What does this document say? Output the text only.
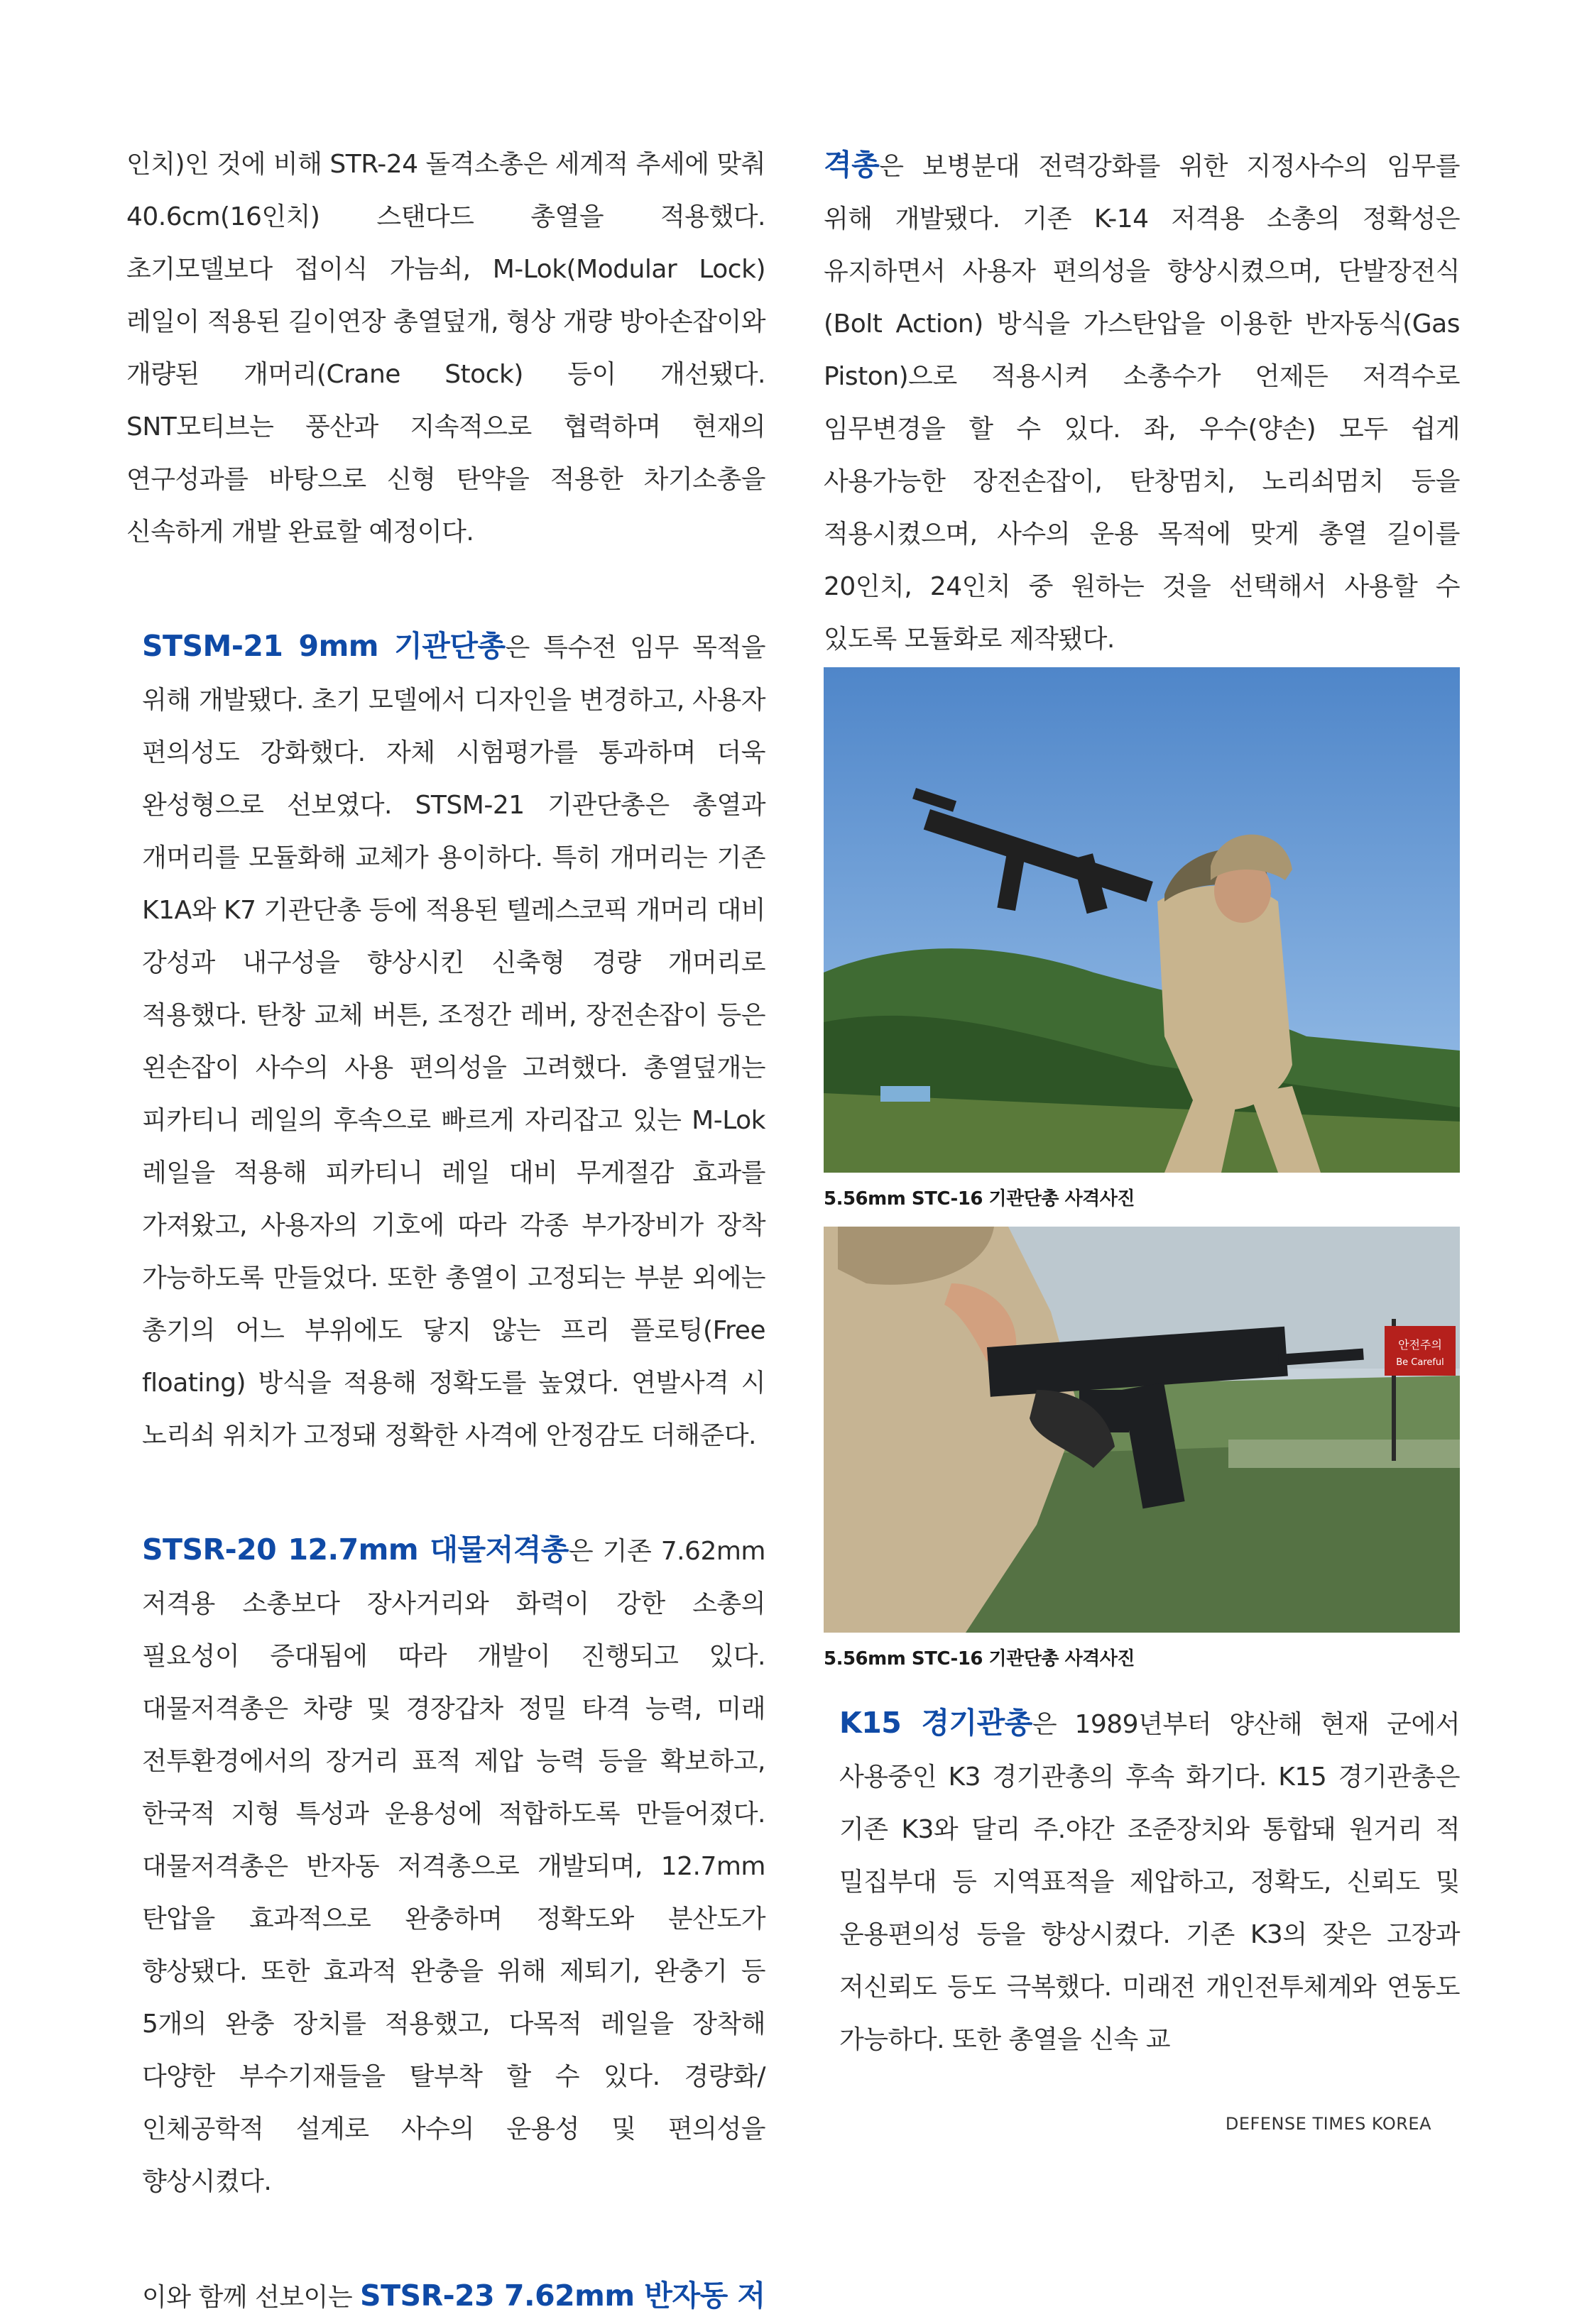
인치)인 것에 비해 STR-24 돌격소총은 세계적 추세에 맞춰 40.6cm(16인치) 스탠다드 총열을 적용했다. 초기모델보다 접이식 가늠쇠, M-Lok(Modular Lock) 레일이 적용된 길이연장 총열덮개, 형상 개량 방아손잡이와 개량된 개머리(Crane Stock) 등이 개선됐다. SNT모티브는 풍산과 지속적으로 협력하며 현재의 연구성과를 바탕으로 신형 탄약을 적용한 차기소총을 신속하게 개발 완료할 예정이다.

STSM-21 9mm 기관단총은 특수전 임무 목적을 위해 개발됐다. 초기 모델에서 디자인을 변경하고, 사용자 편의성도 강화했다. 자체 시험평가를 통과하며 더욱 완성형으로 선보였다. STSM-21 기관단총은 총열과 개머리를 모듈화해 교체가 용이하다. 특히 개머리는 기존 K1A와 K7 기관단총 등에 적용된 텔레스코픽 개머리 대비 강성과 내구성을 향상시킨 신축형 경량 개머리로 적용했다. 탄창 교체 버튼, 조정간 레버, 장전손잡이 등은 왼손잡이 사수의 사용 편의성을 고려했다. 총열덮개는 피카티니 레일의 후속으로 빠르게 자리잡고 있는 M-Lok 레일을 적용해 피카티니 레일 대비 무게절감 효과를 가져왔고, 사용자의 기호에 따라 각종 부가장비가 장착 가능하도록 만들었다. 또한 총열이 고정되는 부분 외에는 총기의 어느 부위에도 닿지 않는 프리 플로팅(Free floating) 방식을 적용해 정확도를 높였다. 연발사격 시 노리쇠 위치가 고정돼 정확한 사격에 안정감도 더해준다.

STSR-20 12.7mm 대물저격총은 기존 7.62mm 저격용 소총보다 장사거리와 화력이 강한 소총의 필요성이 증대됨에 따라 개발이 진행되고 있다. 대물저격총은 차량 및 경장갑차 정밀 타격 능력, 미래 전투환경에서의 장거리 표적 제압 능력 등을 확보하고, 한국적 지형 특성과 운용성에 적합하도록 만들어졌다. 대물저격총은 반자동 저격총으로 개발되며, 12.7mm 탄압을 효과적으로 완충하며 정확도와 분산도가 향상됐다. 또한 효과적 완충을 위해 제퇴기, 완충기 등 5개의 완충 장치를 적용했고, 다목적 레일을 장착해 다양한 부수기재들을 탈부착 할 수 있다. 경량화/인체공학적 설계로 사수의 운용성 및 편의성을 향상시켰다.

이와 함께 선보이는 STSR-23 7.62mm 반자동 저

격총은 보병분대 전력강화를 위한 지정사수의 임무를 위해 개발됐다. 기존 K-14 저격용 소총의 정확성은 유지하면서 사용자 편의성을 향상시켰으며, 단발장전식(Bolt Action) 방식을 가스탄압을 이용한 반자동식(Gas Piston)으로 적용시켜 소총수가 언제든 저격수로 임무변경을 할 수 있다. 좌, 우수(양손) 모두 쉽게 사용가능한 장전손잡이, 탄창멈치, 노리쇠멈치 등을 적용시켰으며, 사수의 운용 목적에 맞게 총열 길이를 20인치, 24인치 중 원하는 것을 선택해서 사용할 수 있도록 모듈화로 제작됐다.

5.56mm STC-16 기관단총 사격사진
안전주의
Be Careful
5.56mm STC-16 기관단총 사격사진

K15 경기관총은 1989년부터 양산해 현재 군에서 사용중인 K3 경기관총의 후속 화기다. K15 경기관총은 기존 K3와 달리 주.야간 조준장치와 통합돼 원거리 적 밀집부대 등 지역표적을 제압하고, 정확도, 신뢰도 및 운용편의성 등을 향상시켰다. 기존 K3의 잦은 고장과 저신뢰도 등도 극복했다. 미래전 개인전투체계와 연동도 가능하다. 또한 총열을 신속 교

DEFENSE TIMES KOREA
